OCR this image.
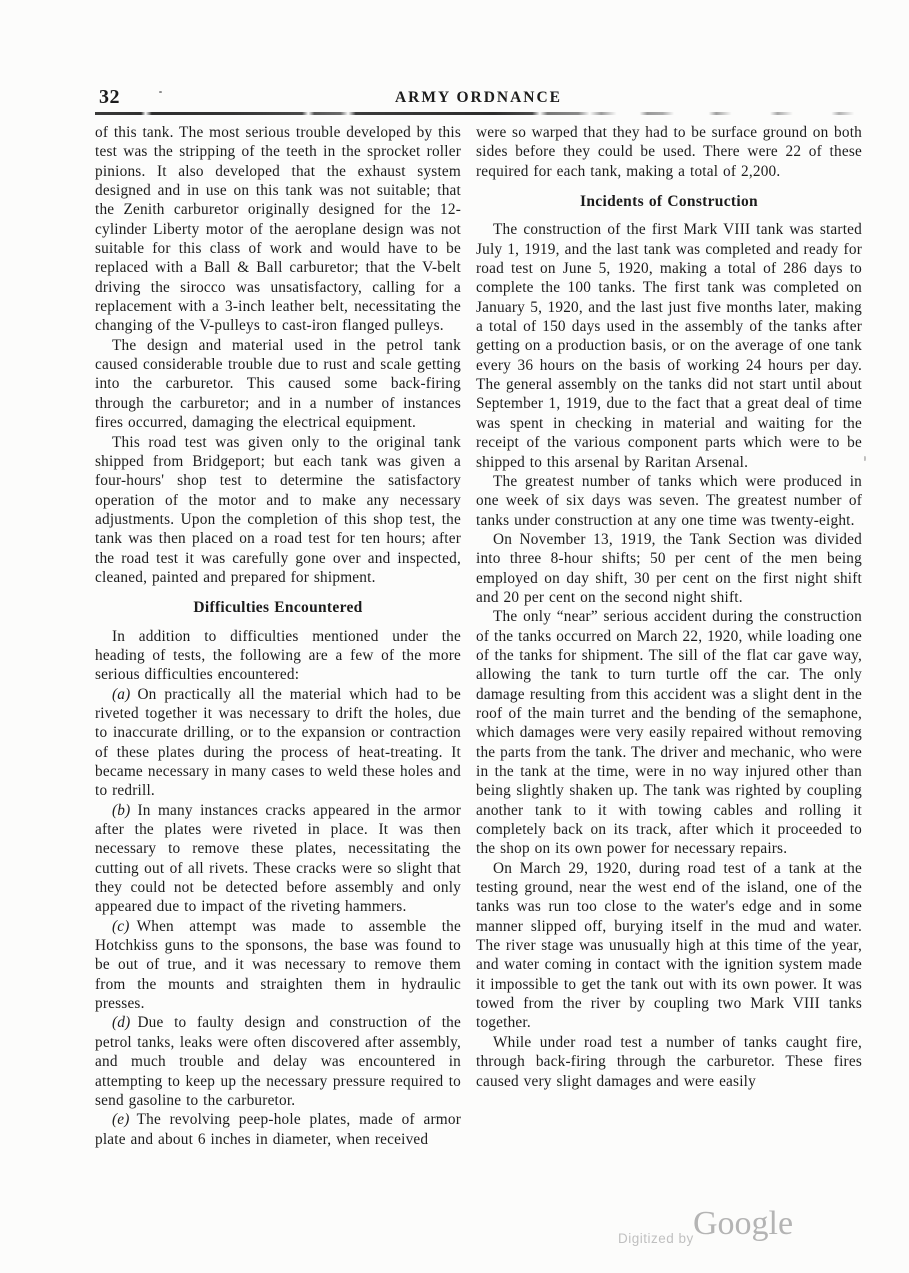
32	ARMY ORDNANCE

of this tank. The most serious trouble developed by this test was the stripping of the teeth in the sprocket roller pinions. It also developed that the exhaust system designed and in use on this tank was not suitable; that the Zenith carburetor originally designed for the 12-cylinder Liberty motor of the aeroplane design was not suitable for this class of work and would have to be replaced with a Ball & Ball carburetor; that the V-belt driving the sirocco was unsatisfactory, calling for a replacement with a 3-inch leather belt, necessitating the changing of the V-pulleys to cast-iron flanged pulleys.

The design and material used in the petrol tank caused considerable trouble due to rust and scale getting into the carburetor. This caused some back-firing through the carburetor; and in a number of instances fires occurred, damaging the electrical equipment.

This road test was given only to the original tank shipped from Bridgeport; but each tank was given a four-hours' shop test to determine the satisfactory operation of the motor and to make any necessary adjustments. Upon the completion of this shop test, the tank was then placed on a road test for ten hours; after the road test it was carefully gone over and inspected, cleaned, painted and prepared for shipment.

Difficulties Encountered

In addition to difficulties mentioned under the heading of tests, the following are a few of the more serious difficulties encountered:

(a) On practically all the material which had to be riveted together it was necessary to drift the holes, due to inaccurate drilling, or to the expansion or contraction of these plates during the process of heat-treating. It became necessary in many cases to weld these holes and to redrill.

(b) In many instances cracks appeared in the armor after the plates were riveted in place. It was then necessary to remove these plates, necessitating the cutting out of all rivets. These cracks were so slight that they could not be detected before assembly and only appeared due to impact of the riveting hammers.

(c) When attempt was made to assemble the Hotchkiss guns to the sponsons, the base was found to be out of true, and it was necessary to remove them from the mounts and straighten them in hydraulic presses.

(d) Due to faulty design and construction of the petrol tanks, leaks were often discovered after assembly, and much trouble and delay was encountered in attempting to keep up the necessary pressure required to send gasoline to the carburetor.

(e) The revolving peep-hole plates, made of armor plate and about 6 inches in diameter, when received

were so warped that they had to be surface ground on both sides before they could be used. There were 22 of these required for each tank, making a total of 2,200.

Incidents of Construction

The construction of the first Mark VIII tank was started July 1, 1919, and the last tank was completed and ready for road test on June 5, 1920, making a total of 286 days to complete the 100 tanks. The first tank was completed on January 5, 1920, and the last just five months later, making a total of 150 days used in the assembly of the tanks after getting on a production basis, or on the average of one tank every 36 hours on the basis of working 24 hours per day. The general assembly on the tanks did not start until about September 1, 1919, due to the fact that a great deal of time was spent in checking in material and waiting for the receipt of the various component parts which were to be shipped to this arsenal by Raritan Arsenal.

The greatest number of tanks which were produced in one week of six days was seven. The greatest number of tanks under construction at any one time was twenty-eight.

On November 13, 1919, the Tank Section was divided into three 8-hour shifts; 50 per cent of the men being employed on day shift, 30 per cent on the first night shift and 20 per cent on the second night shift.

The only “near” serious accident during the construction of the tanks occurred on March 22, 1920, while loading one of the tanks for shipment. The sill of the flat car gave way, allowing the tank to turn turtle off the car. The only damage resulting from this accident was a slight dent in the roof of the main turret and the bending of the semaphone, which damages were very easily repaired without removing the parts from the tank. The driver and mechanic, who were in the tank at the time, were in no way injured other than being slightly shaken up. The tank was righted by coupling another tank to it with towing cables and rolling it completely back on its track, after which it proceeded to the shop on its own power for necessary repairs.

On March 29, 1920, during road test of a tank at the testing ground, near the west end of the island, one of the tanks was run too close to the water's edge and in some manner slipped off, burying itself in the mud and water. The river stage was unusually high at this time of the year, and water coming in contact with the ignition system made it impossible to get the tank out with its own power. It was towed from the river by coupling two Mark VIII tanks together.

While under road test a number of tanks caught fire, through back-firing through the carburetor. These fires caused very slight damages and were easily

Digitized by Google
